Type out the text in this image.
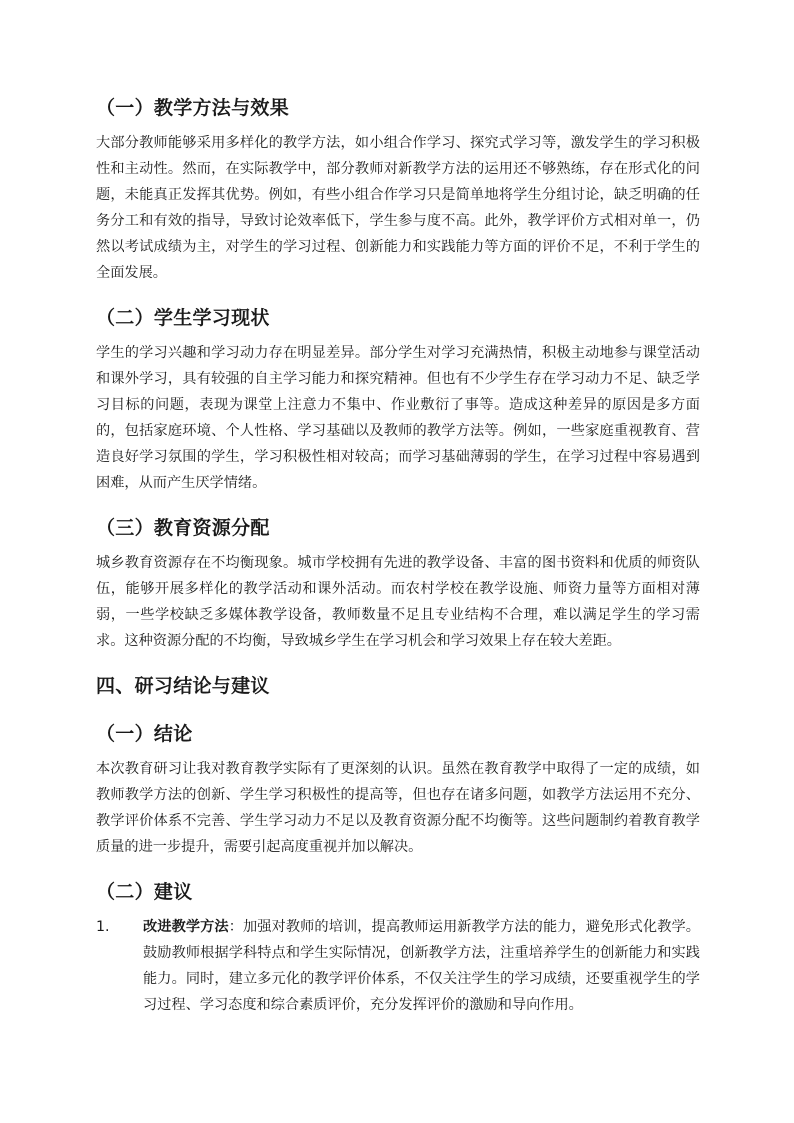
（一）教学方法与效果

大部分教师能够采用多样化的教学方法，如小组合作学习、探究式学习等，激发学生的学习积极性和主动性。然而，在实际教学中，部分教师对新教学方法的运用还不够熟练，存在形式化的问题，未能真正发挥其优势。例如，有些小组合作学习只是简单地将学生分组讨论，缺乏明确的任务分工和有效的指导，导致讨论效率低下，学生参与度不高。此外，教学评价方式相对单一，仍然以考试成绩为主，对学生的学习过程、创新能力和实践能力等方面的评价不足，不利于学生的全面发展。

（二）学生学习现状

学生的学习兴趣和学习动力存在明显差异。部分学生对学习充满热情，积极主动地参与课堂活动和课外学习，具有较强的自主学习能力和探究精神。但也有不少学生存在学习动力不足、缺乏学习目标的问题，表现为课堂上注意力不集中、作业敷衍了事等。造成这种差异的原因是多方面的，包括家庭环境、个人性格、学习基础以及教师的教学方法等。例如，一些家庭重视教育、营造良好学习氛围的学生，学习积极性相对较高；而学习基础薄弱的学生，在学习过程中容易遇到困难，从而产生厌学情绪。

（三）教育资源分配

城乡教育资源存在不均衡现象。城市学校拥有先进的教学设备、丰富的图书资料和优质的师资队伍，能够开展多样化的教学活动和课外活动。而农村学校在教学设施、师资力量等方面相对薄弱，一些学校缺乏多媒体教学设备，教师数量不足且专业结构不合理，难以满足学生的学习需求。这种资源分配的不均衡，导致城乡学生在学习机会和学习效果上存在较大差距。

四、研习结论与建议
（一）结论

本次教育研习让我对教育教学实际有了更深刻的认识。虽然在教育教学中取得了一定的成绩，如教师教学方法的创新、学生学习积极性的提高等，但也存在诸多问题，如教学方法运用不充分、教学评价体系不完善、学生学习动力不足以及教育资源分配不均衡等。这些问题制约着教育教学质量的进一步提升，需要引起高度重视并加以解决。

（二）建议
1. 改进教学方法：加强对教师的培训，提高教师运用新教学方法的能力，避免形式化教学。鼓励教师根据学科特点和学生实际情况，创新教学方法，注重培养学生的创新能力和实践能力。同时，建立多元化的教学评价体系，不仅关注学生的学习成绩，还要重视学生的学习过程、学习态度和综合素质评价，充分发挥评价的激励和导向作用。
